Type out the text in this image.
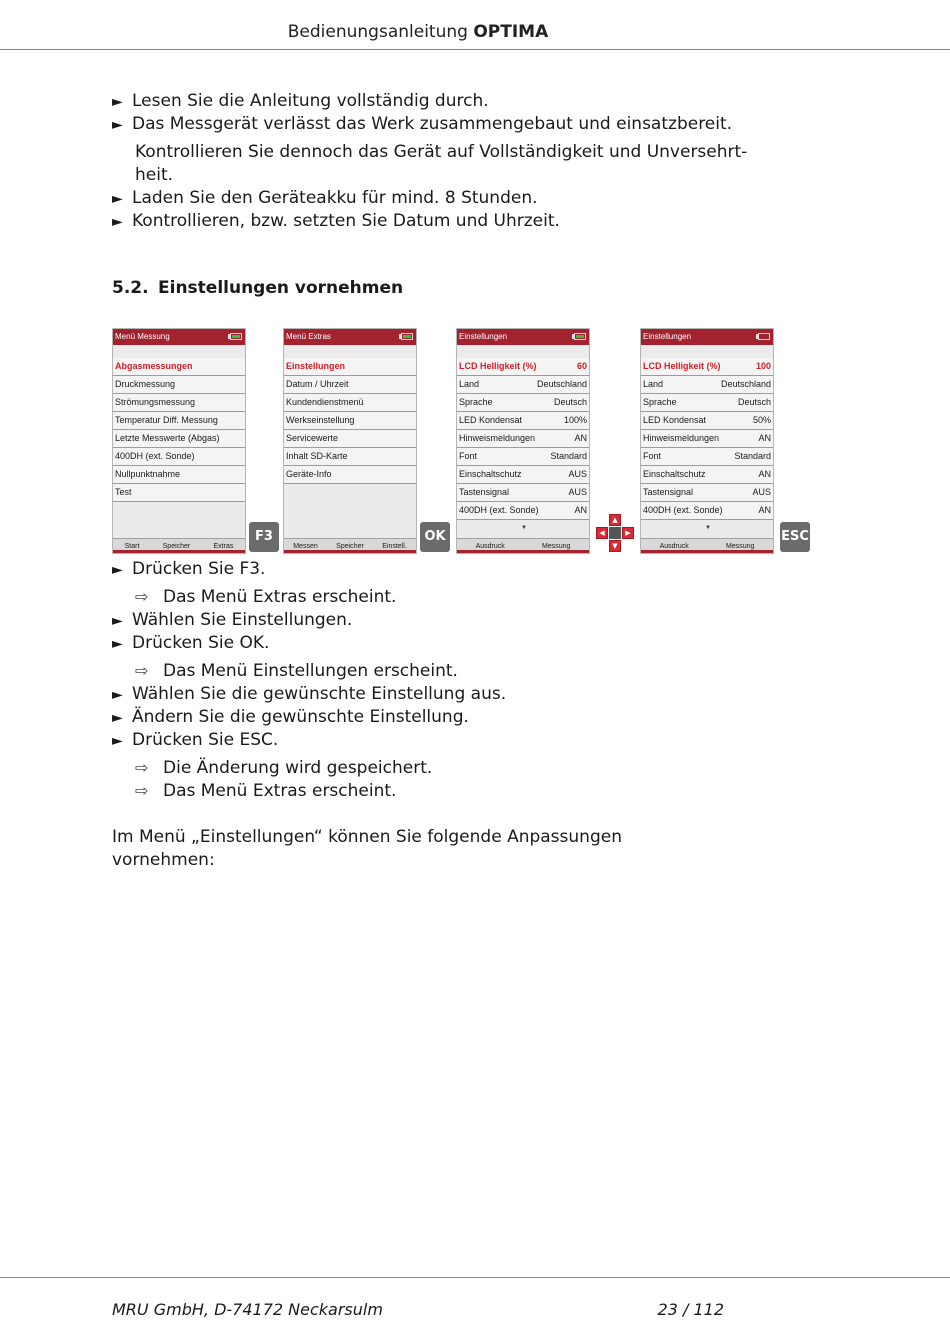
Bedienungsanleitung OPTIMA
► Lesen Sie die Anleitung vollständig durch.
► Das Messgerät verlässt das Werk zusammengebaut und einsatzbereit.
Kontrollieren Sie dennoch das Gerät auf Vollständigkeit und Unversehrt-
heit.
► Laden Sie den Geräteakku für mind. 8 Stunden.
► Kontrollieren, bzw. setzten Sie Datum und Uhrzeit.
5.2. Einstellungen vornehmen
Menü Messung
Abgasmessungen
Druckmessung
Strömungsmessung
Temperatur Diff. Messung
Letzte Messwerte (Abgas)
400DH (ext. Sonde)
Nullpunktnahme
Test
Start	Speicher	Extras
F3
Menü Extras
Einstellungen
Datum / Uhrzeit
Kundendienstmenü
Werkseinstellung
Servicewerte
Inhalt SD-Karte
Geräte-Info
Messen	Speicher	Einstell.
OK
Einstellungen
LCD Helligkeit (%)	60
Land	Deutschland
Sprache	Deutsch
LED Kondensat	100%
Hinweismeldungen	AN
Font	Standard
Einschaltschutz	AUS
Tastensignal	AUS
400DH (ext. Sonde)	AN
▼
Ausdruck	Messung
▲
◀	▶
▼
Einstellungen
LCD Helligkeit (%)	100
Land	Deutschland
Sprache	Deutsch
LED Kondensat	50%
Hinweismeldungen	AN
Font	Standard
Einschaltschutz	AN
Tastensignal	AUS
400DH (ext. Sonde)	AN
▼
Ausdruck	Messung
ESC
► Drücken Sie F3.
⇨ Das Menü Extras erscheint.
► Wählen Sie Einstellungen.
► Drücken Sie OK.
⇨ Das Menü Einstellungen erscheint.
► Wählen Sie die gewünschte Einstellung aus.
► Ändern Sie die gewünschte Einstellung.
► Drücken Sie ESC.
⇨ Die Änderung wird gespeichert.
⇨ Das Menü Extras erscheint.
Im Menü „Einstellungen“ können Sie folgende Anpassungen
vornehmen:
MRU GmbH, D-74172 Neckarsulm	23 / 112
